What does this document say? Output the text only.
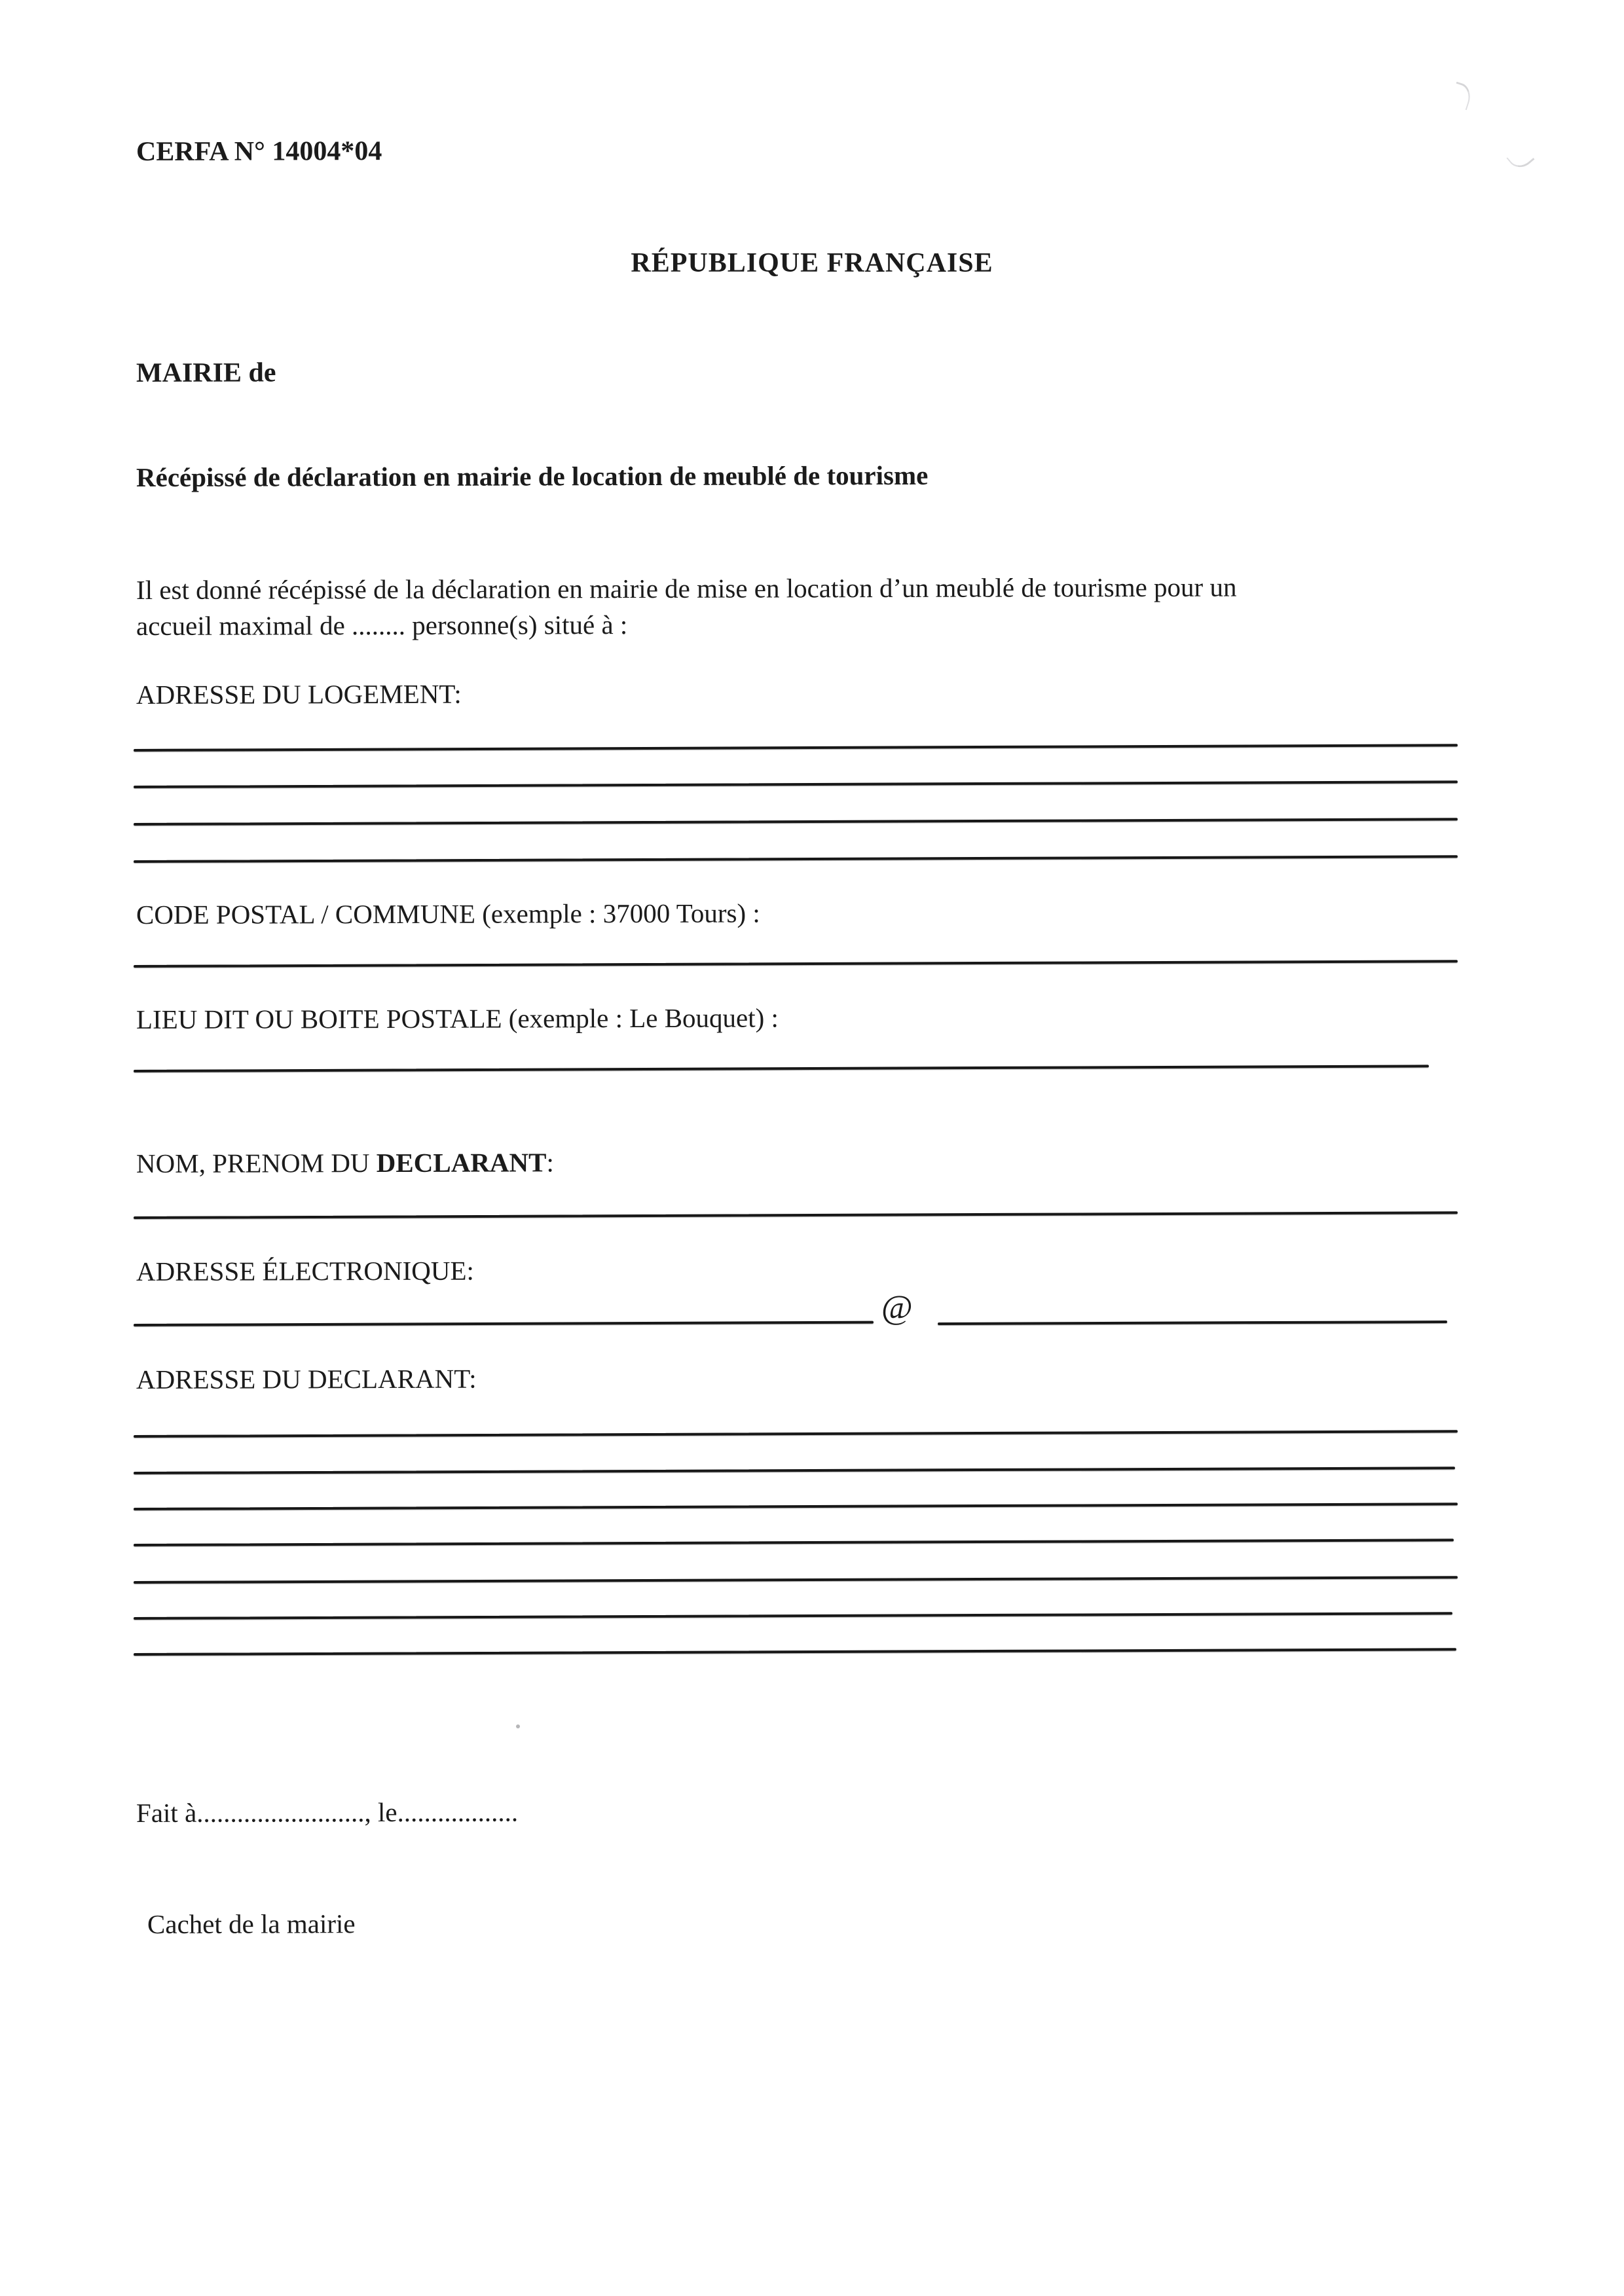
CERFA N° 14004*04
RÉPUBLIQUE FRANÇAISE
MAIRIE de
Récépissé de déclaration en mairie de location de meublé de tourisme
Il est donné récépissé de la déclaration en mairie de mise en location d’un meublé de tourisme pour un
accueil maximal de ........ personne(s) situé à :
ADRESSE DU LOGEMENT:
CODE POSTAL / COMMUNE (exemple : 37000 Tours) :
LIEU DIT OU BOITE POSTALE (exemple : Le Bouquet) :
NOM, PRENOM DU DECLARANT:
ADRESSE ÉLECTRONIQUE:
@
ADRESSE DU DECLARANT:
Fait à........................., le..................
Cachet de la mairie
